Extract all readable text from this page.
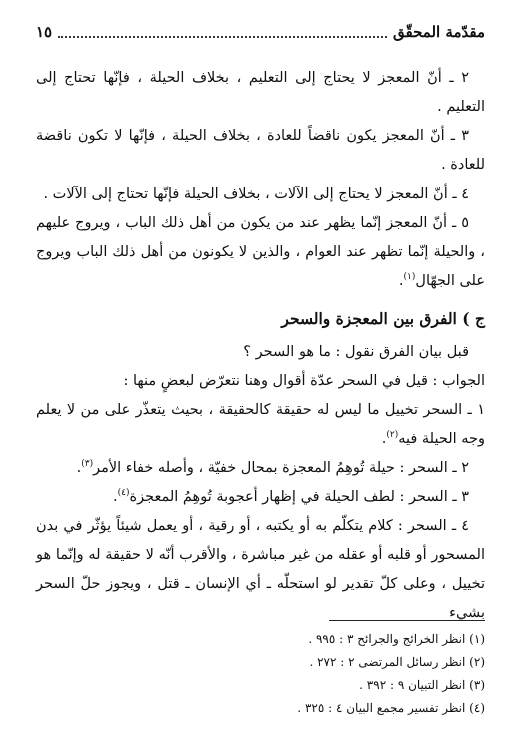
مقدّمة المحقّق
١٥

٢ ـ أنّ المعجز لا يحتاج إلى التعليم ، بخلاف الحيلة ، فإنّها تحتاج إلى التعليم .

٣ ـ أنّ المعجز يكون ناقضاً للعادة ، بخلاف الحيلة ، فإنّها لا تكون ناقضة للعادة .

٤ ـ أنّ المعجز لا يحتاج إلى الآلات ، بخلاف الحيلة فإنّها تحتاج إلى الآلات .

٥ ـ أنّ المعجز إنّما يظهر عند من يكون من أهل ذلك الباب ، ويروج عليهم ، والحيلة إنّما تظهر عند العوام ، والذين لا يكونون من أهل ذلك الباب ويروج على الجهّال$^{(١)}$.

ج ) الفرق بين المعجزة والسحر

قبل بيان الفرق نقول : ما هو السحر ؟

الجواب : قيل في السحر عدّة أقوال وهنا نتعرّض لبعضٍ منها :

١ ـ السحر تخييل ما ليس له حقيقة كالحقيقة ، بحيث يتعذّر على من لا يعلم وجه الحيلة فيه$^{(٢)}$.

٢ ـ السحر : حيلة تُوهِمُ المعجزة بمحال خفيّة ، وأصله خفاء الأمر$^{(٣)}$.

٣ ـ السحر : لطف الحيلة في إظهار أعجوبة تُوهِمُ المعجزة$^{(٤)}$.

٤ ـ السحر : كلام يتكلّم به أو يكتبه ، أو رقية ، أو يعمل شيئاً يؤثّر في بدن المسحور أو قلبه أو عقله من غير مباشرة ، والأقرب أنّه لا حقيقة له وإنّما هو تخييل ، وعلى كلّ تقدير لو استحلّه ـ أي الإنسان ـ قتل ، ويجوز حلّ السحر بشيء

(١) انظر الخرائج والجرائح ٣ : ٩٩٥ .

(٢) انظر رسائل المرتضى ٢ : ٢٧٢ .

(٣) انظر التبيان ٩ : ٣٩٢ .

(٤) انظر تفسير مجمع البيان ٤ : ٣٢٥ .
